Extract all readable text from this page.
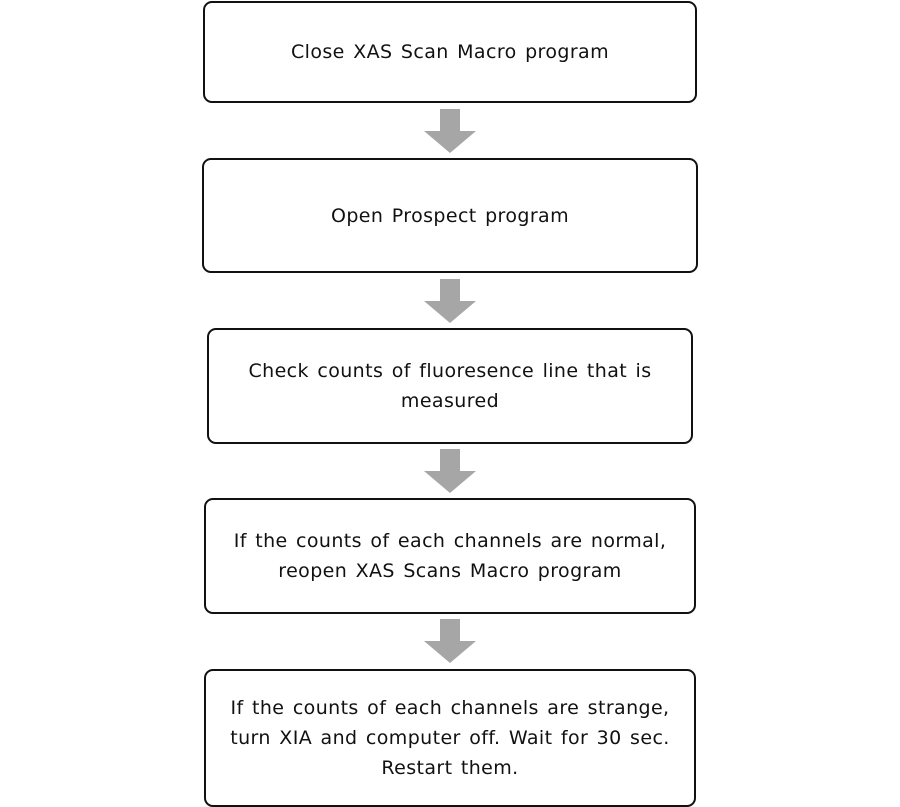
Close XAS Scan Macro program
Open Prospect program
Check counts of fluoresence line that is
measured
If the counts of each channels are normal,
reopen XAS Scans Macro program
If the counts of each channels are strange,
turn XIA and computer off. Wait for 30 sec.
Restart them.
